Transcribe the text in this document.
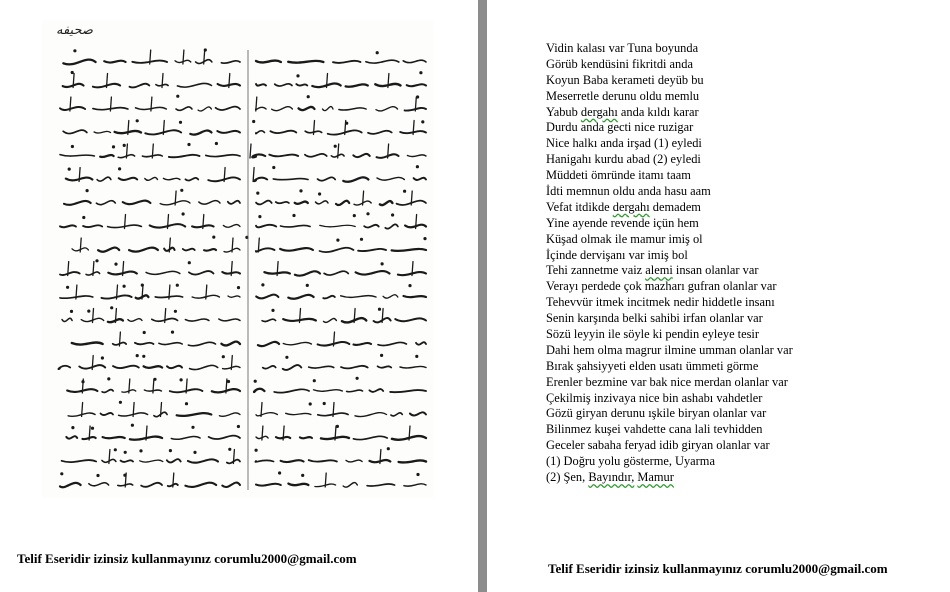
صحيفه
Telif Eseridir izinsiz kullanmayınız corumlu2000@gmail.com
Vidin kalası var Tuna boyunda
Görüb kendüsini fikritdi anda
Koyun Baba kerameti deyüb bu
Meserretle derunu oldu memlu
Yabub dergahı anda kıldı karar
Durdu anda gecti nice ruzigar
Nice halkı anda irşad (1) eyledi
Hanigahı kurdu abad (2) eyledi
Müddeti ömründe itamı taam
İdti memnun oldu anda hasu aam
Vefat itdikde dergahı demadem
Yine ayende revende içün hem
Küşad olmak ile mamur imiş ol
İçinde dervişanı var imiş bol
Tehi zannetme vaiz alemi insan olanlar var
Verayı perdede çok mazharı gufran olanlar var
Tehevvür itmek incitmek nedir hiddetle insanı
Senin karşında belki sahibi irfan olanlar var
Sözü leyyin ile söyle ki pendin eyleye tesir
Dahi hem olma magrur ilmine umman olanlar var
Bırak şahsiyyeti elden usatı ümmeti görme
Erenler bezmine var bak nice merdan olanlar var
Çekilmiş inzivaya nice bin ashabı vahdetler
Gözü giryan derunu ışkile biryan olanlar var
Bilinmez kuşei vahdette cana lali tevhidden
Geceler sabaha feryad idib giryan olanlar var
(1) Doğru yolu gösterme, Uyarma
(2) Şen, Bayındır, Mamur
Telif Eseridir izinsiz kullanmayınız corumlu2000@gmail.com
